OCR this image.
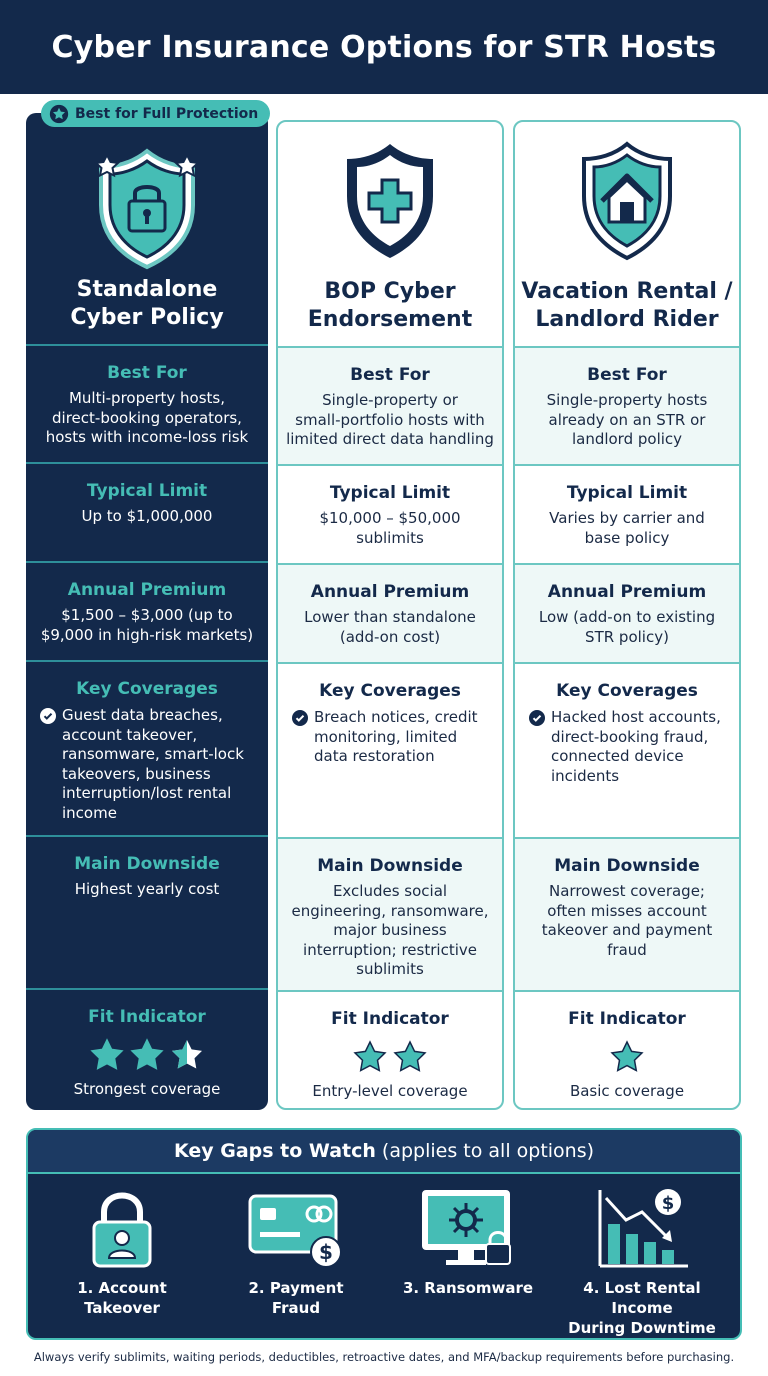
Cyber Insurance Options for STR Hosts
Best for Full Protection
Standalone
Cyber Policy
Best For
Multi-property hosts,
direct-booking operators,
hosts with income-loss risk
Typical Limit
Up to $1,000,000
Annual Premium
$1,500 – $3,000 (up to
$9,000 in high-risk markets)
Key Coverages
Guest data breaches,
account takeover,
ransomware, smart-lock
takeovers, business
interruption/lost rental
income
Main Downside
Highest yearly cost
Fit Indicator
Strongest coverage
BOP Cyber
Endorsement
Best For
Single-property or
small-portfolio hosts with
limited direct data handling
Typical Limit
$10,000 – $50,000
sublimits
Annual Premium
Lower than standalone
(add-on cost)
Key Coverages
Breach notices, credit
monitoring, limited
data restoration
Main Downside
Excludes social
engineering, ransomware,
major business
interruption; restrictive
sublimits
Fit Indicator
Entry-level coverage
Vacation Rental /
Landlord Rider
Best For
Single-property hosts
already on an STR or
landlord policy
Typical Limit
Varies by carrier and
base policy
Annual Premium
Low (add-on to existing
STR policy)
Key Coverages
Hacked host accounts,
direct-booking fraud,
connected device
incidents
Main Downside
Narrowest coverage;
often misses account
takeover and payment
fraud
Fit Indicator
Basic coverage
Key Gaps to Watch (applies to all options)
1. Account
Takeover
$
2. Payment
Fraud
3. Ransomware
$
4. Lost Rental Income
During Downtime
Always verify sublimits, waiting periods, deductibles, retroactive dates, and MFA/backup requirements before purchasing.
